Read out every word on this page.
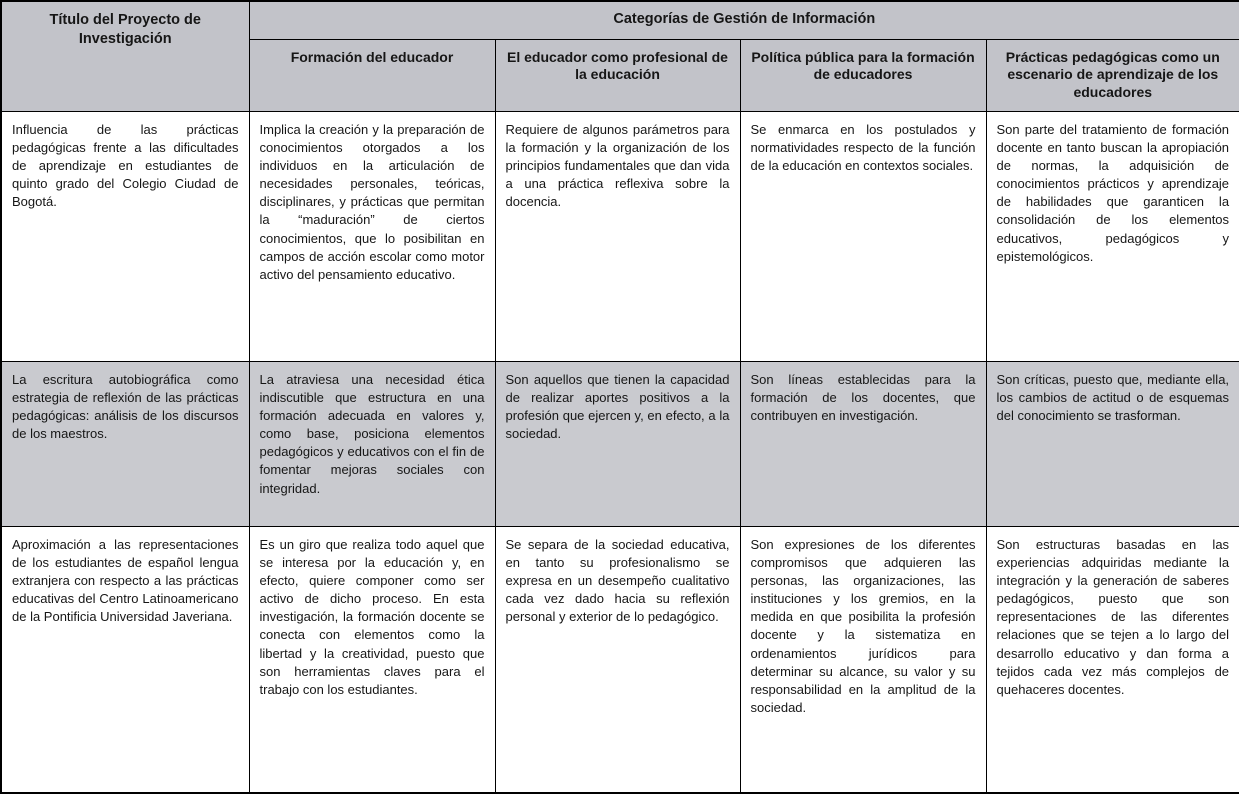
Título del Proyecto de Investigación	Categorías de Gestión de Información			
	Formación del educador	El educador como profesional de la educación	Política pública para la formación de educadores	Prácticas pedagógicas como un escenario de aprendizaje de los educadores
Influencia de las prácticas pedagógicas frente a las dificultades de aprendizaje en estudiantes de quinto grado del Colegio Ciudad de Bogotá.	Implica la creación y la preparación de conocimientos otorgados a los individuos en la articulación de necesidades personales, teóricas, disciplinares, y prácticas que permitan la “maduración” de ciertos conocimientos, que lo posibilitan en campos de acción escolar como motor activo del pensamiento educativo.	Requiere de algunos parámetros para la formación y la organización de los principios fundamentales que dan vida a una práctica reflexiva sobre la docencia.	Se enmarca en los postulados y normatividades respecto de la función de la educación en contextos sociales.	Son parte del tratamiento de formación docente en tanto buscan la apropiación de normas, la adquisición de conocimientos prácticos y aprendizaje de habilidades que garanticen la consolidación de los elementos educativos, pedagógicos y epistemológicos.
La escritura autobiográfica como estrategia de reflexión de las prácticas pedagógicas: análisis de los discursos de los maestros.	La atraviesa una necesidad ética indiscutible que estructura en una formación adecuada en valores y, como base, posiciona elementos pedagógicos y educativos con el fin de fomentar mejoras sociales con integridad.	Son aquellos que tienen la capacidad de realizar aportes positivos a la profesión que ejercen y, en efecto, a la sociedad.	Son líneas establecidas para la formación de los docentes, que contribuyen en investigación.	Son críticas, puesto que, mediante ella, los cambios de actitud o de esquemas del conocimiento se trasforman.
Aproximación a las representaciones de los estudiantes de español lengua extranjera con respecto a las prácticas educativas del Centro Latinoamericano de la Pontificia Universidad Javeriana.	Es un giro que realiza todo aquel que se interesa por la educación y, en efecto, quiere componer como ser activo de dicho proceso. En esta investigación, la formación docente se conecta con elementos como la libertad y la creatividad, puesto que son herramientas claves para el trabajo con los estudiantes.	Se separa de la sociedad educativa, en tanto su profesionalismo se expresa en un desempeño cualitativo cada vez dado hacia su reflexión personal y exterior de lo pedagógico.	Son expresiones de los diferentes compromisos que adquieren las personas, las organizaciones, las instituciones y los gremios, en la medida en que posibilita la profesión docente y la sistematiza en ordenamientos jurídicos para determinar su alcance, su valor y su responsabilidad en la amplitud de la sociedad.	Son estructuras basadas en las experiencias adquiridas mediante la integración y la generación de saberes pedagógicos, puesto que son representaciones de las diferentes relaciones que se tejen a lo largo del desarrollo educativo y dan forma a tejidos cada vez más complejos de quehaceres docentes.
